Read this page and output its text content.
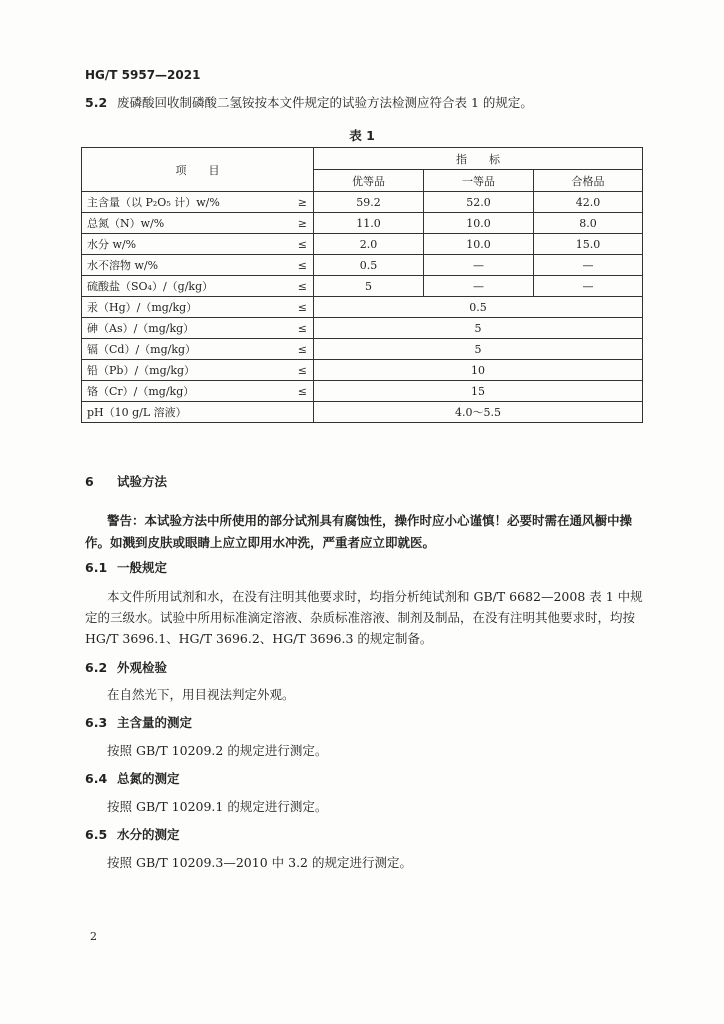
HG/T 5957—2021
5.2 废磷酸回收制磷酸二氢铵按本文件规定的试验方法检测应符合表 1 的规定。
表 1
项　　目		指　　标		
		优等品	一等品	合格品
主含量（以 P₂O₅ 计）w/%	≥	59.2	52.0	42.0
总氮（N）w/%	≥	11.0	10.0	8.0
水分 w/%	≤	2.0	10.0	15.0
水不溶物 w/%	≤	0.5	—	—
硫酸盐（SO₄）/（g/kg）	≤	5	—	—
汞（Hg）/（mg/kg）	≤	0.5		
砷（As）/（mg/kg）	≤	5		
镉（Cd）/（mg/kg）	≤	5		
铅（Pb）/（mg/kg）	≤	10		
铬（Cr）/（mg/kg）	≤	15		
pH（10 g/L 溶液）		4.0～5.5		
6 试验方法
警告：本试验方法中所使用的部分试剂具有腐蚀性，操作时应小心谨慎！必要时需在通风橱中操作。如溅到皮肤或眼睛上应立即用水冲洗，严重者应立即就医。
6.1 一般规定
本文件所用试剂和水，在没有注明其他要求时，均指分析纯试剂和 GB/T 6682—2008 表 1 中规定的三级水。试验中所用标准滴定溶液、杂质标准溶液、制剂及制品，在没有注明其他要求时，均按 HG/T 3696.1、HG/T 3696.2、HG/T 3696.3 的规定制备。
6.2 外观检验
在自然光下，用目视法判定外观。
6.3 主含量的测定
按照 GB/T 10209.2 的规定进行测定。
6.4 总氮的测定
按照 GB/T 10209.1 的规定进行测定。
6.5 水分的测定
按照 GB/T 10209.3—2010 中 3.2 的规定进行测定。
2
